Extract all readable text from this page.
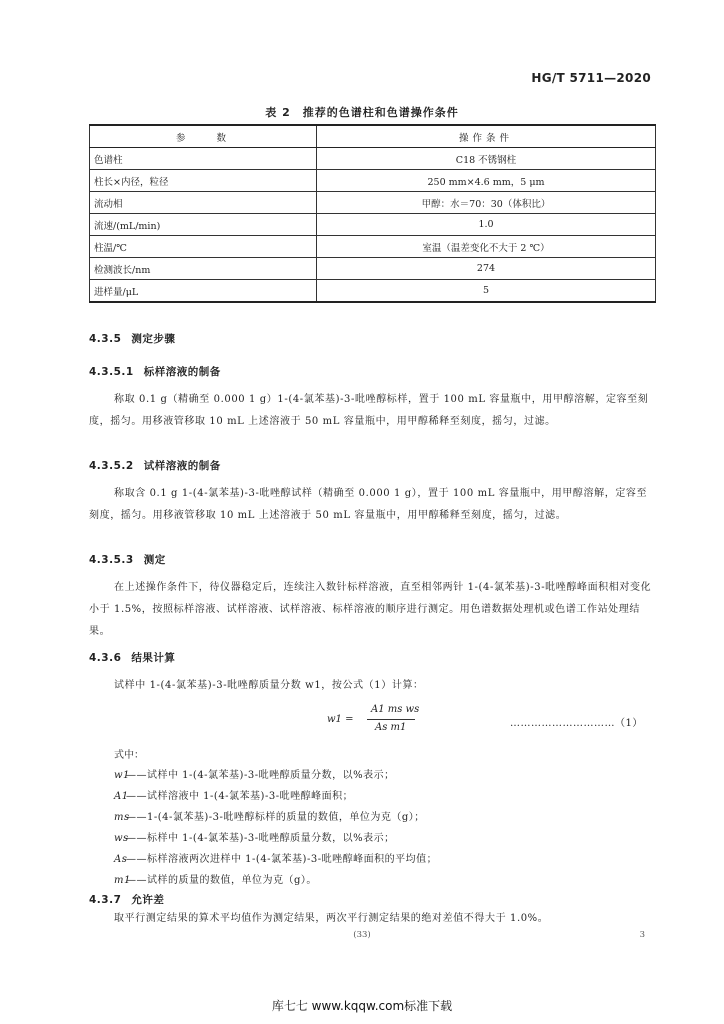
HG/T 5711—2020
表 2　推荐的色谱柱和色谱操作条件
参　　数	操作条件
色谱柱	C18 不锈钢柱
柱长×内径，粒径	250 mm×4.6 mm，5 μm
流动相	甲醇：水＝70：30（体积比）
流速/(mL/min)	1.0
柱温/℃	室温（温差变化不大于 2 ℃）
检测波长/nm	274
进样量/μL	5
4.3.5 测定步骤
4.3.5.1 标样溶液的制备
称取 0.1 g（精确至 0.000 1 g）1-(4-氯苯基)-3-吡唑醇标样，置于 100 mL 容量瓶中，用甲醇溶解，定容至刻度，摇匀。用移液管移取 10 mL 上述溶液于 50 mL 容量瓶中，用甲醇稀释至刻度，摇匀，过滤。
4.3.5.2 试样溶液的制备
称取含 0.1 g 1-(4-氯苯基)-3-吡唑醇试样（精确至 0.000 1 g），置于 100 mL 容量瓶中，用甲醇溶解，定容至刻度，摇匀。用移液管移取 10 mL 上述溶液于 50 mL 容量瓶中，用甲醇稀释至刻度，摇匀，过滤。
4.3.5.3 测定
在上述操作条件下，待仪器稳定后，连续注入数针标样溶液，直至相邻两针 1-(4-氯苯基)-3-吡唑醇峰面积相对变化小于 1.5%，按照标样溶液、试样溶液、试样溶液、标样溶液的顺序进行测定。用色谱数据处理机或色谱工作站处理结果。
4.3.6 结果计算
试样中 1-(4-氯苯基)-3-吡唑醇质量分数 w1，按公式（1）计算：
w1 =
A1 ms ws
As m1	…………………………（1）
式中：
w1——试样中 1-(4-氯苯基)-3-吡唑醇质量分数，以%表示；
A1——试样溶液中 1-(4-氯苯基)-3-吡唑醇峰面积；
ms——1-(4-氯苯基)-3-吡唑醇标样的质量的数值，单位为克（g）；
ws——标样中 1-(4-氯苯基)-3-吡唑醇质量分数，以%表示；
As——标样溶液两次进样中 1-(4-氯苯基)-3-吡唑醇峰面积的平均值；
m1——试样的质量的数值，单位为克（g）。
4.3.7 允许差
取平行测定结果的算术平均值作为测定结果，两次平行测定结果的绝对差值不得大于 1.0%。
(33)	3
库七七 www.kqqw.com标准下载
